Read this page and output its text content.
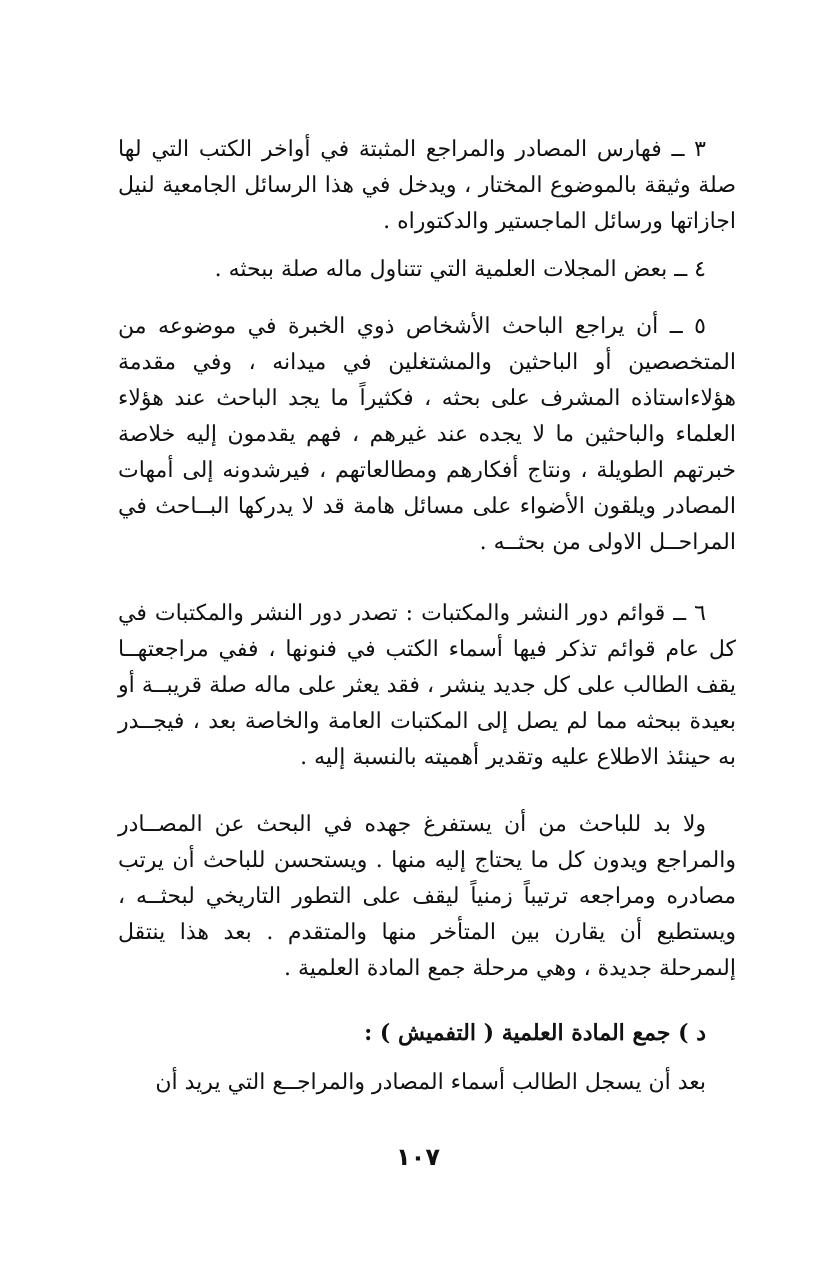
٣ ــ فهارس المصادر والمراجع المثبتة في أواخر الكتب التي لها صلة وثيقة بالموضوع المختار ، ويدخل في هذا الرسائل الجامعية لنيل اجازاتها ورسائل الماجستير والدكتوراه .

٤ ــ بعض المجلات العلمية التي تتناول ماله صلة ببحثه .

٥ ــ أن يراجع الباحث الأشخاص ذوي الخبرة في موضوعه من المتخصصين أو الباحثين والمشتغلين في ميدانه ، وفي مقدمة هؤلاءاستاذه المشرف على بحثه ، فكثيراً ما يجد الباحث عند هؤلاء العلماء والباحثين ما لا يجده عند غيرهم ، فهم يقدمون إليه خلاصة خبرتهم الطويلة ، ونتاج أفكارهم ومطالعاتهم ، فيرشدونه إلى أمهات المصادر ويلقون الأضواء على مسائل هامة قد لا يدركها البــاحث في المراحــل الاولى من بحثــه .

٦ ــ قوائم دور النشر والمكتبات : تصدر دور النشر والمكتبات في كل عام قوائم تذكر فيها أسماء الكتب في فنونها ، ففي مراجعتهــا يقف الطالب على كل جديد ينشر ، فقد يعثر على ماله صلة قريبــة أو بعيدة ببحثه مما لم يصل إلى المكتبات العامة والخاصة بعد ، فيجــدر به حينئذ الاطلاع عليه وتقدير أهميته بالنسبة إليه .

ولا بد للباحث من أن يستفرغ جهده في البحث عن المصــادر والمراجع ويدون كل ما يحتاج إليه منها . ويستحسن للباحث أن يرتب مصادره ومراجعه ترتيباً زمنياً ليقف على التطور التاريخي لبحثــه ، ويستطيع أن يقارن بين المتأخر منها والمتقدم . بعد هذا ينتقل إلىمرحلة جديدة ، وهي مرحلة جمع المادة العلمية .

د ) جمع المادة العلمية ( التفميش ) :

بعد أن يسجل الطالب أسماء المصادر والمراجــع التي يريد أن

١٠٧
